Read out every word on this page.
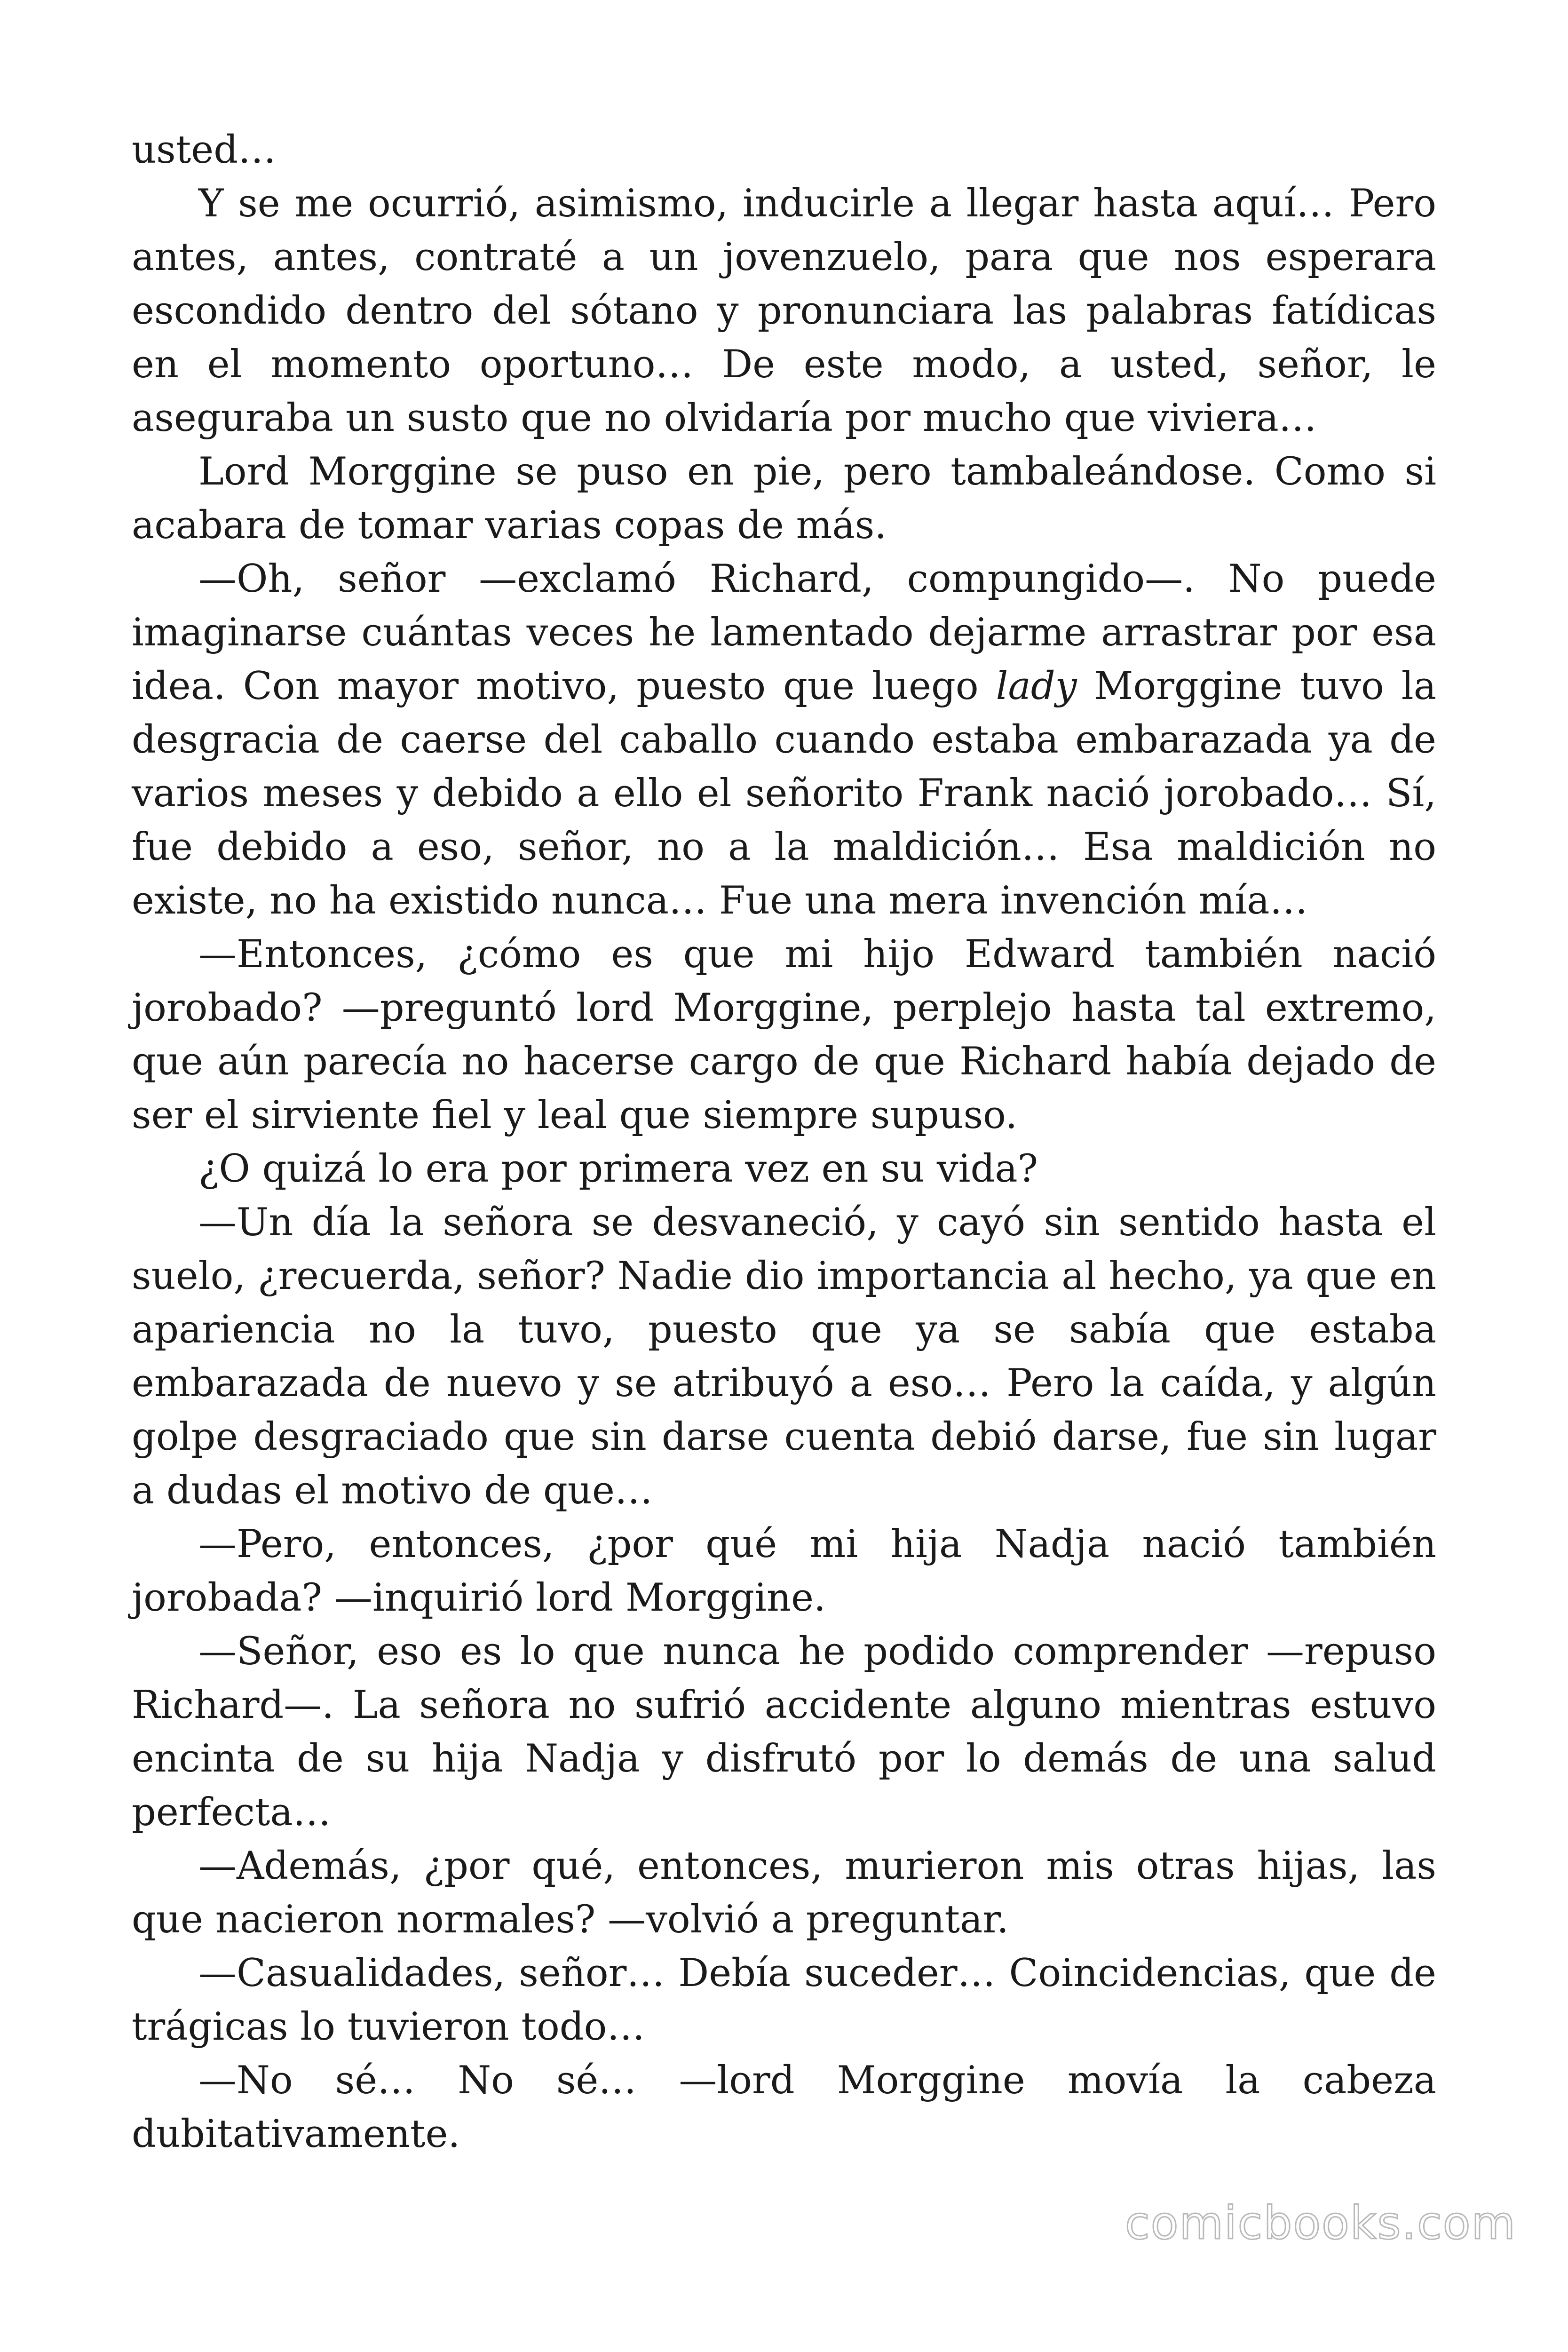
usted…

Y se me ocurrió, asimismo, inducirle a llegar hasta aquí… Pero antes, antes, contraté a un jovenzuelo, para que nos esperara escondido dentro del sótano y pronunciara las palabras fatídicas en el momento oportuno… De este modo, a usted, señor, le aseguraba un susto que no olvidaría por mucho que viviera…

Lord Morggine se puso en pie, pero tambaleándose. Como si acabara de tomar varias copas de más.

—Oh, señor —exclamó Richard, compungido—. No puede imaginarse cuántas veces he lamentado dejarme arrastrar por esa idea. Con mayor motivo, puesto que luego lady Morggine tuvo la desgracia de caerse del caballo cuando estaba embarazada ya de varios meses y debido a ello el señorito Frank nació jorobado… Sí, fue debido a eso, señor, no a la maldición… Esa maldición no existe, no ha existido nunca… Fue una mera invención mía…

—Entonces, ¿cómo es que mi hijo Edward también nació jorobado? —preguntó lord Morggine, perplejo hasta tal extremo, que aún parecía no hacerse cargo de que Richard había dejado de ser el sirviente fiel y leal que siempre supuso.

¿O quizá lo era por primera vez en su vida?

—Un día la señora se desvaneció, y cayó sin sentido hasta el suelo, ¿recuerda, señor? Nadie dio importancia al hecho, ya que en apariencia no la tuvo, puesto que ya se sabía que estaba embarazada de nuevo y se atribuyó a eso… Pero la caída, y algún golpe desgraciado que sin darse cuenta debió darse, fue sin lugar a dudas el motivo de que…

—Pero, entonces, ¿por qué mi hija Nadja nació también jorobada? —inquirió lord Morggine.

—Señor, eso es lo que nunca he podido comprender —repuso Richard—. La señora no sufrió accidente alguno mientras estuvo encinta de su hija Nadja y disfrutó por lo demás de una salud perfecta…

—Además, ¿por qué, entonces, murieron mis otras hijas, las que nacieron normales? —volvió a preguntar.

—Casualidades, señor… Debía suceder… Coincidencias, que de trágicas lo tuvieron todo…

—No sé… No sé… —lord Morggine movía la cabeza dubitativamente.

comicbooks.com
